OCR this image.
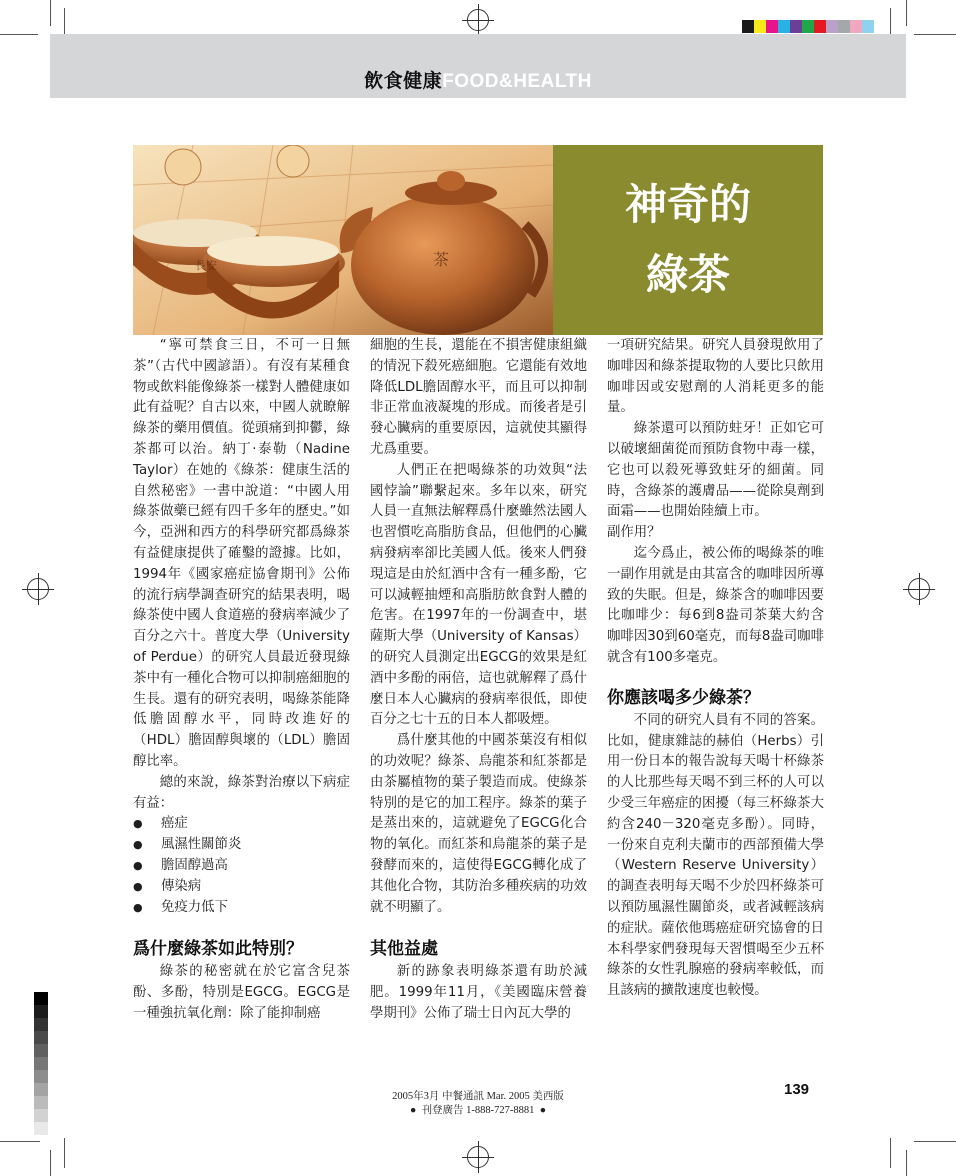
飲食健康FOOD&HEALTH
茶
長安
神奇的
綠茶

“寧可禁食三日，不可一日無茶”（古代中國諺語）。有沒有某種食物或飲料能像綠茶一樣對人體健康如此有益呢？自古以來，中國人就瞭解綠茶的藥用價值。從頭痛到抑鬱，綠茶都可以治。納丁·泰勒（Nadine Taylor）在她的《綠茶：健康生活的自然秘密》一書中說道：“中國人用綠茶做藥已經有四千多年的歷史。”如今，亞洲和西方的科學研究都爲綠茶有益健康提供了確鑿的證據。比如，1994年《國家癌症協會期刊》公佈的流行病學調查研究的結果表明，喝綠茶使中國人食道癌的發病率減少了百分之六十。普度大學（University of Perdue）的研究人員最近發現綠茶中有一種化合物可以抑制癌細胞的生長。還有的研究表明，喝綠茶能降低膽固醇水平，同時改進好的（HDL）膽固醇與壞的（LDL）膽固醇比率。

總的來說，綠茶對治療以下病症有益：

● 癌症
● 風濕性關節炎
● 膽固醇過高
● 傳染病
● 免疫力低下
爲什麼綠茶如此特別？

綠茶的秘密就在於它富含兒茶酚、多酚，特別是EGCG。EGCG是一種強抗氧化劑：除了能抑制癌

細胞的生長，還能在不損害健康組織的情況下殺死癌細胞。它還能有效地降低LDL膽固醇水平，而且可以抑制非正常血液凝塊的形成。而後者是引發心臟病的重要原因，這就使其顯得尤爲重要。

人們正在把喝綠茶的功效與“法國悖論”聯繫起來。多年以來，研究人員一直無法解釋爲什麼雖然法國人也習慣吃高脂肪食品，但他們的心臟病發病率卻比美國人低。後來人們發現這是由於紅酒中含有一種多酚，它可以減輕抽煙和高脂肪飲食對人體的危害。在1997年的一份調查中，堪薩斯大學（University of Kansas）的研究人員測定出EGCG的效果是紅酒中多酚的兩倍，這也就解釋了爲什麼日本人心臟病的發病率很低，即使百分之七十五的日本人都吸煙。

爲什麼其他的中國茶葉沒有相似的功效呢？綠茶、烏龍茶和紅茶都是由茶屬植物的葉子製造而成。使綠茶特別的是它的加工程序。綠茶的葉子是蒸出來的，這就避免了EGCG化合物的氧化。而紅茶和烏龍茶的葉子是發酵而來的，這使得EGCG轉化成了其他化合物，其防治多種疾病的功效就不明顯了。

其他益處

新的跡象表明綠茶還有助於減肥。1999年11月，《美國臨床營養學期刊》公佈了瑞士日內瓦大學的

一項研究結果。研究人員發現飲用了咖啡因和綠茶提取物的人要比只飲用咖啡因或安慰劑的人消耗更多的能量。

綠茶還可以預防蛀牙！正如它可以破壞細菌從而預防食物中毒一樣，它也可以殺死導致蛀牙的細菌。同時，含綠茶的護膚品——從除臭劑到面霜——也開始陸續上市。

副作用？

迄今爲止，被公佈的喝綠茶的唯一副作用就是由其富含的咖啡因所導致的失眠。但是，綠茶含的咖啡因要比咖啡少：每6到8盎司茶葉大約含咖啡因30到60毫克，而每8盎司咖啡就含有100多毫克。

你應該喝多少綠茶？

不同的研究人員有不同的答案。比如，健康雜誌的赫伯（Herbs）引用一份日本的報告說每天喝十杯綠茶的人比那些每天喝不到三杯的人可以少受三年癌症的困擾（每三杯綠茶大約含240－320毫克多酚）。同時，一份來自克利夫蘭市的西部預備大學（Western Reserve University）的調查表明每天喝不少於四杯綠茶可以預防風濕性關節炎，或者減輕該病的症狀。薩依他瑪癌症研究協會的日本科學家們發現每天習慣喝至少五杯綠茶的女性乳腺癌的發病率較低，而且該病的擴散速度也較慢。

2005年3月 中餐通訊 Mar. 2005 美西版
● 刊登廣告 1-888-727-8881 ●
139
